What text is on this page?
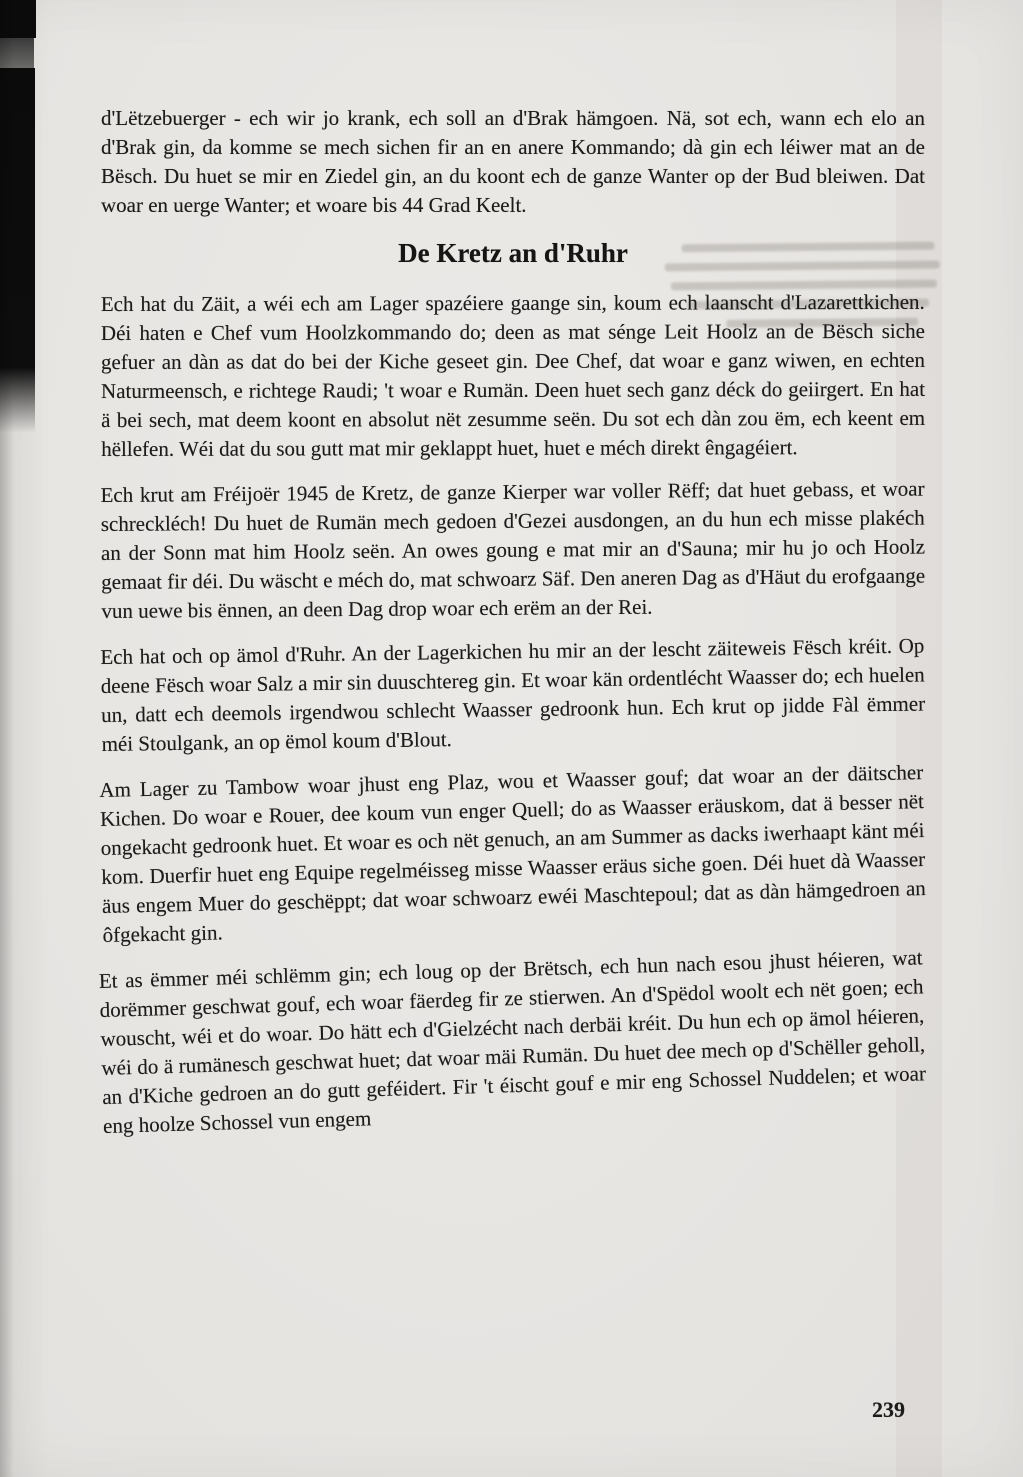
d'Lëtzebuerger - ech wir jo krank, ech soll an d'Brak hämgoen. Nä, sot ech, wann ech elo an d'Brak gin, da komme se mech sichen fir an en anere Kommando; dà gin ech léiwer mat an de Bësch. Du huet se mir en Ziedel gin, an du koont ech de ganze Wanter op der Bud bleiwen. Dat woar en uerge Wanter; et woare bis 44 Grad Keelt.

De Kretz an d'Ruhr

Ech hat du Zäit, a wéi ech am Lager spazéiere gaange sin, koum ech laanscht d'Lazarettkichen. Déi haten e Chef vum Hoolzkommando do; deen as mat sénge Leit Hoolz an de Bësch siche gefuer an dàn as dat do bei der Kiche geseet gin. Dee Chef, dat woar e ganz wiwen, en echten Naturmeensch, e richtege Raudi; 't woar e Rumän. Deen huet sech ganz déck do geiirgert. En hat ä bei sech, mat deem koont en absolut nët zesumme seën. Du sot ech dàn zou ëm, ech keent em hëllefen. Wéi dat du sou gutt mat mir geklappt huet, huet e méch direkt êngagéiert.

Ech krut am Fréijoër 1945 de Kretz, de ganze Kierper war voller Rëff; dat huet gebass, et woar schreckléch! Du huet de Rumän mech gedoen d'Gezei ausdongen, an du hun ech misse plakéch an der Sonn mat him Hoolz seën. An owes goung e mat mir an d'Sauna; mir hu jo och Hoolz gemaat fir déi. Du wäscht e méch do, mat schwoarz Säf. Den aneren Dag as d'Häut du erofgaange vun uewe bis ënnen, an deen Dag drop woar ech erëm an der Rei.

Ech hat och op ämol d'Ruhr. An der Lagerkichen hu mir an der lescht zäiteweis Fësch kréit. Op deene Fësch woar Salz a mir sin duuschtereg gin. Et woar kän ordentlécht Waasser do; ech huelen un, datt ech deemols irgendwou schlecht Waasser gedroonk hun. Ech krut op jidde Fàl ëmmer méi Stoulgank, an op ëmol koum d'Blout.

Am Lager zu Tambow woar jhust eng Plaz, wou et Waasser gouf; dat woar an der däitscher Kichen. Do woar e Rouer, dee koum vun enger Quell; do as Waasser eräuskom, dat ä besser nët ongekacht gedroonk huet. Et woar es och nët genuch, an am Summer as dacks iwerhaapt känt méi kom. Duerfir huet eng Equipe regelméisseg misse Waasser eräus siche goen. Déi huet dà Waasser äus engem Muer do geschëppt; dat woar schwoarz ewéi Maschtepoul; dat as dàn hämgedroen an ôfgekacht gin.

Et as ëmmer méi schlëmm gin; ech loug op der Brëtsch, ech hun nach esou jhust héieren, wat dorëmmer geschwat gouf, ech woar fäerdeg fir ze stierwen. An d'Spëdol woolt ech nët goen; ech wouscht, wéi et do woar. Do hätt ech d'Gielzécht nach derbäi kréit. Du hun ech op ämol héieren, wéi do ä rumänesch geschwat huet; dat woar mäi Rumän. Du huet dee mech op d'Schëller geholl, an d'Kiche gedroen an do gutt geféidert. Fir 't éischt gouf e mir eng Schossel Nuddelen; et woar eng hoolze Schossel vun engem

239
